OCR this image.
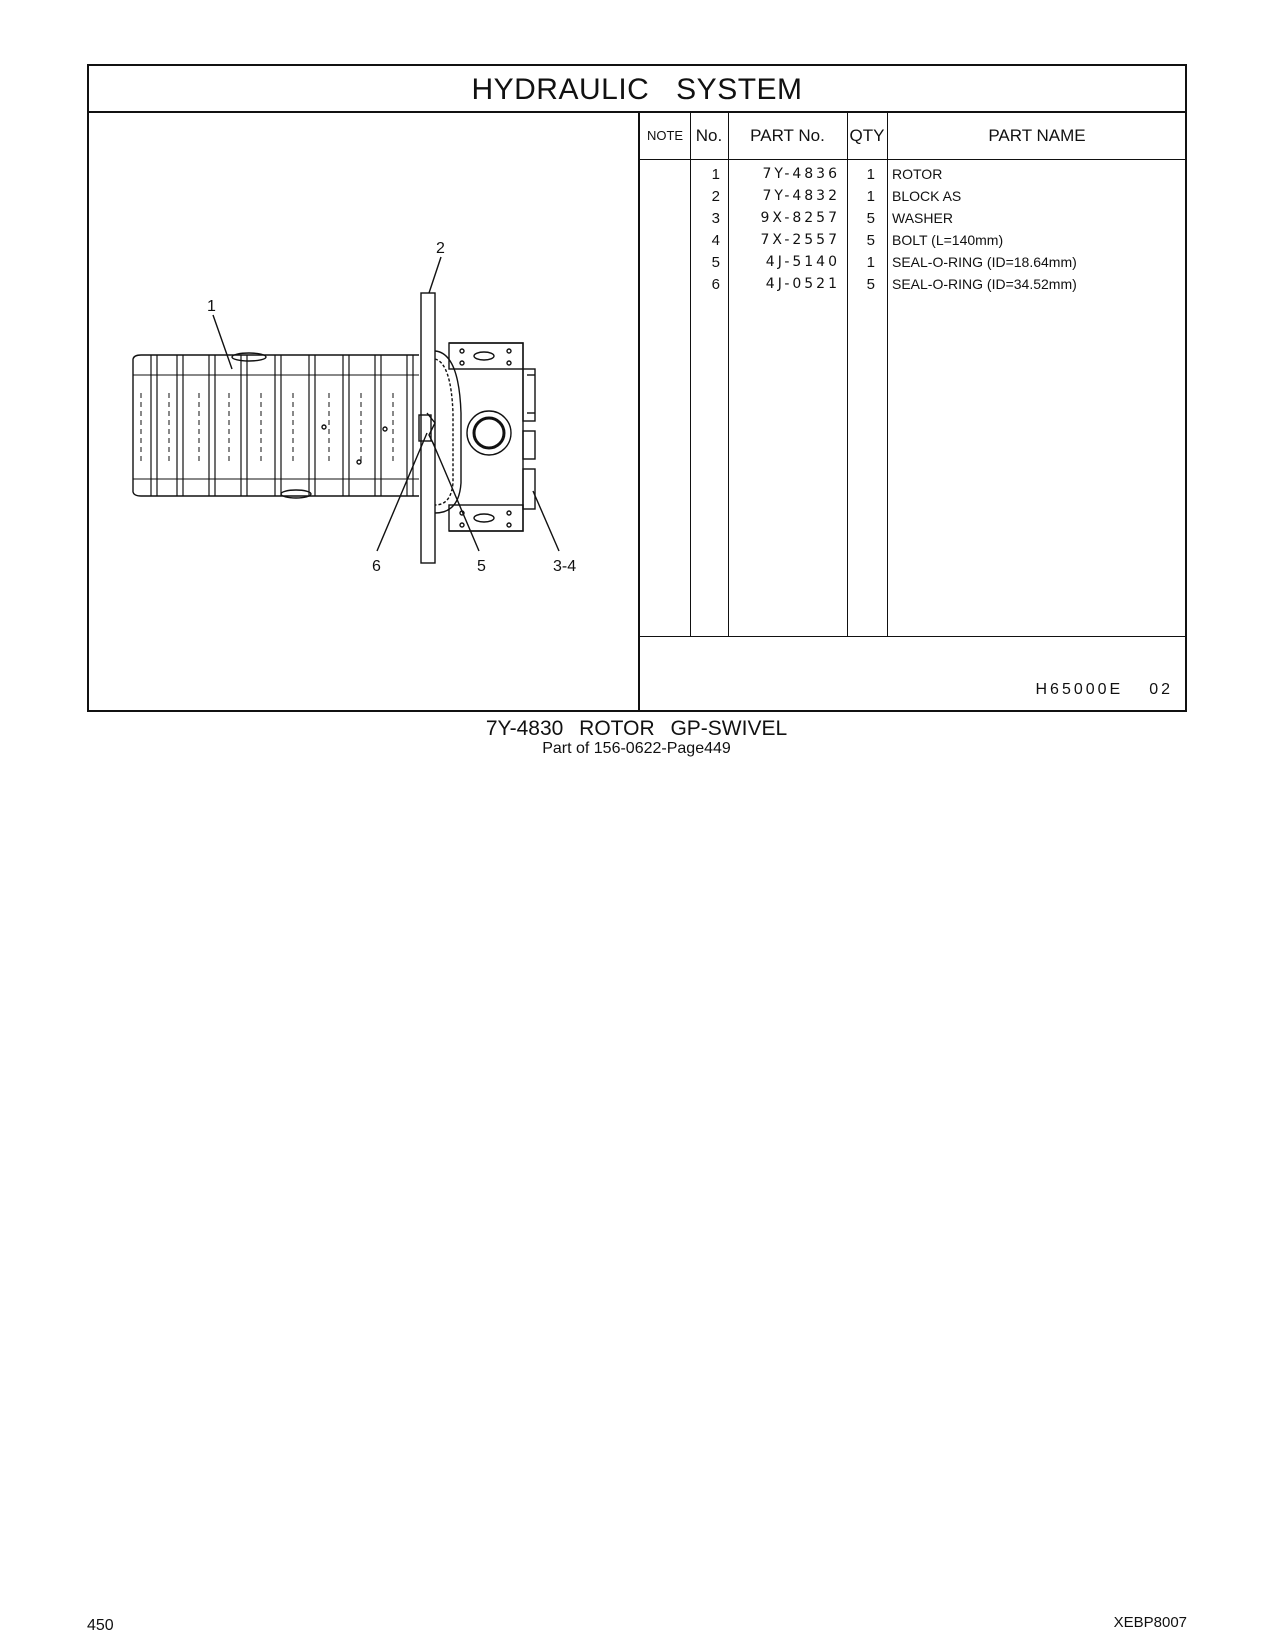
HYDRAULIC SYSTEM
1
2
6	5	3-4
NOTE No.	PART No.	QTY	PART NAME
1	7Y-4836	1 ROTOR
2	7Y-4832	1 BLOCK AS
3	9X-8257	5 WASHER
4	7X-2557	5 BOLT (L=140mm)
5	4J-5140	1 SEAL-O-RING (ID=18.64mm)
6	4J-0521	5 SEAL-O-RING (ID=34.52mm)
H65000E 02
7Y-4830 ROTOR GP-SWIVEL
Part of 156-0622-Page449
450	XEBP8007
